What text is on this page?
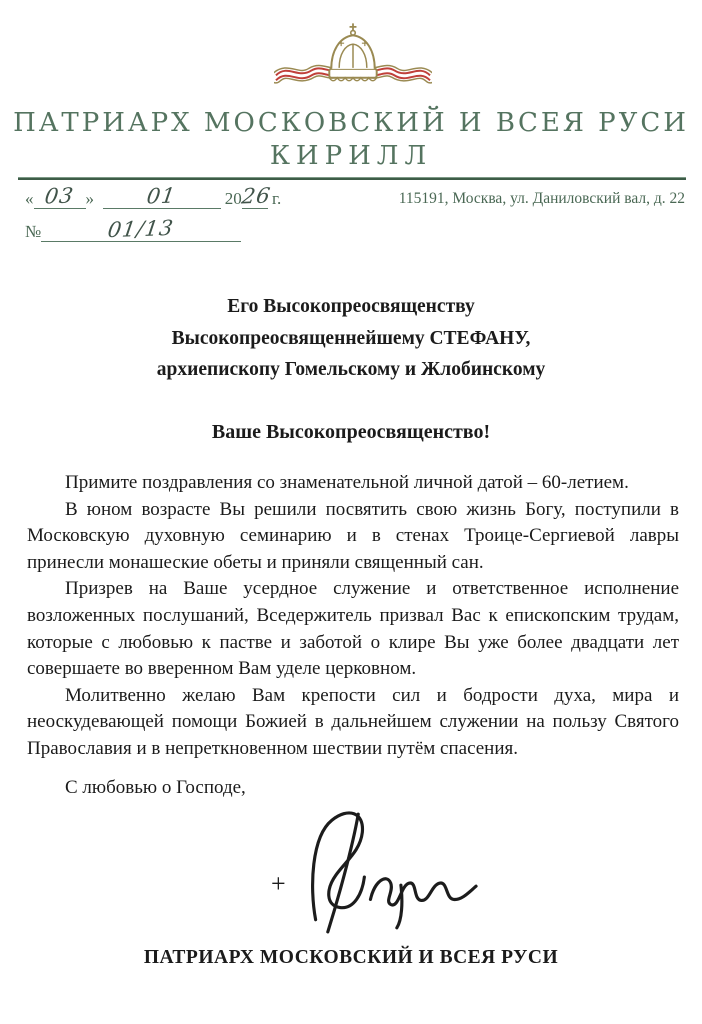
ПАТРИАРХ МОСКОВСКИЙ И ВСЕЯ РУСИ
КИРИЛЛ
« 03 » 01	2026 г.	115191, Москва, ул. Даниловский вал, д. 22
№	01/13
Его Высокопреосвященству
Высокопреосвященнейшему СТЕФАНУ,
архиепископу Гомельскому и Жлобинскому
Ваше Высокопреосвященство!

Примите поздравления со знаменательной личной датой – 60-летием.

В юном возрасте Вы решили посвятить свою жизнь Богу, поступили в Московскую духовную семинарию и в стенах Троице-Сергиевой лавры принесли монашеские обеты и приняли священный сан.

Призрев на Ваше усердное служение и ответственное исполнение возложенных послушаний, Вседержитель призвал Вас к епископским трудам, которые с любовью к пастве и заботой о клире Вы уже более двадцати лет совершаете во вверенном Вам уделе церковном.

Молитвенно желаю Вам крепости сил и бодрости духа, мира и неоскудевающей помощи Божией в дальнейшем служении на пользу Святого Православия и в непреткновенном шествии путём спасения.

С любовью о Господе,
+
ПАТРИАРХ МОСКОВСКИЙ И ВСЕЯ РУСИ
